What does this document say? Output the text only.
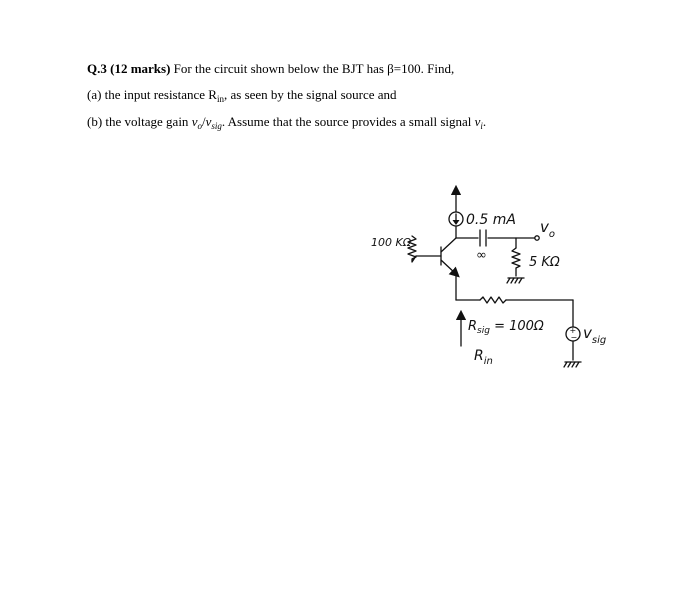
Q.3 (12 marks) For the circuit shown below the BJT has β=100. Find,
(a) the input resistance $R_{in}$, as seen by the signal source and
(b) the voltage gain $v_o/v_{sig}$. Assume that the source provides a small signal $v_i$.
0.5 mA
∞
$v_o$
5 KΩ
100 KΩ
$R_{sig} = 100\Omega$
$R_{in}$
+
− $v_{sig}$
